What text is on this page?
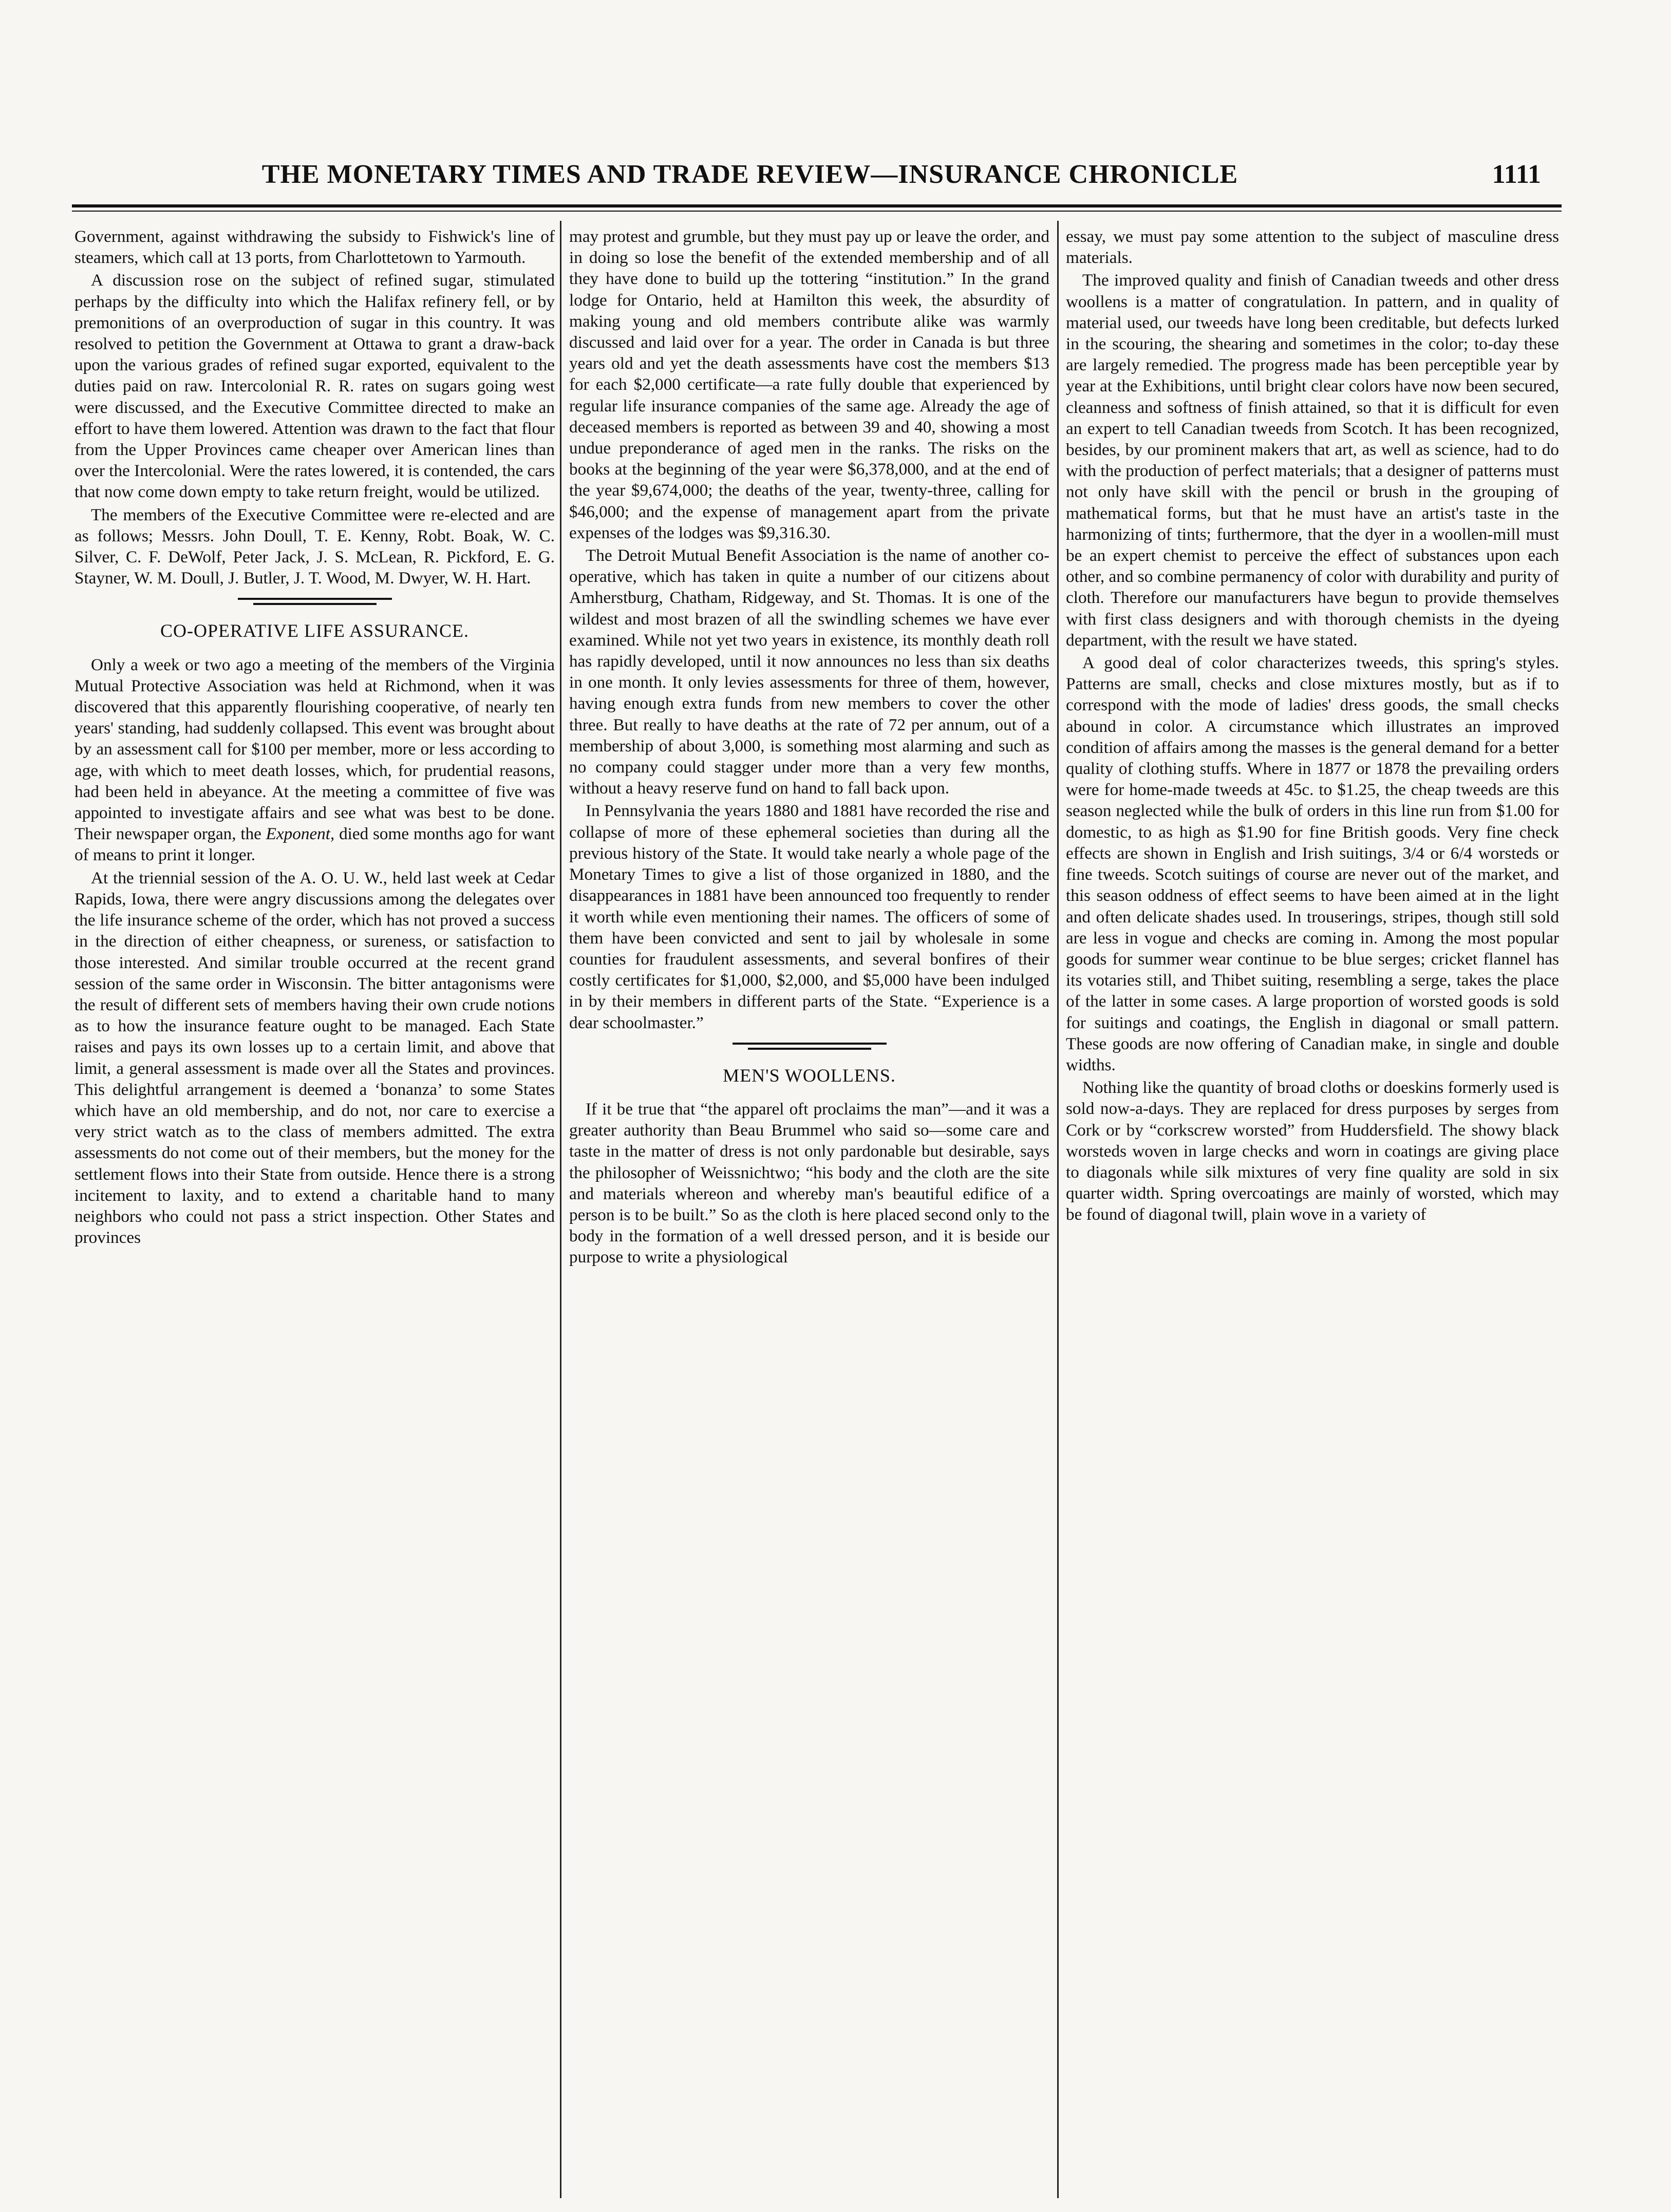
THE MONETARY TIMES AND TRADE REVIEW—INSURANCE CHRONICLE	1111

Government, against withdrawing the subsidy to Fishwick's line of steamers, which call at 13 ports, from Charlottetown to Yarmouth.

A discussion rose on the subject of refined sugar, stimulated perhaps by the difficulty into which the Halifax refinery fell, or by premonitions of an overproduction of sugar in this country. It was resolved to petition the Government at Ottawa to grant a draw-back upon the various grades of refined sugar exported, equivalent to the duties paid on raw. Intercolonial R. R. rates on sugars going west were discussed, and the Executive Committee directed to make an effort to have them lowered. Attention was drawn to the fact that flour from the Upper Provinces came cheaper over American lines than over the Intercolonial. Were the rates lowered, it is contended, the cars that now come down empty to take return freight, would be utilized.

The members of the Executive Committee were re-elected and are as follows; Messrs. John Doull, T. E. Kenny, Robt. Boak, W. C. Silver, C. F. DeWolf, Peter Jack, J. S. McLean, R. Pickford, E. G. Stayner, W. M. Doull, J. Butler, J. T. Wood, M. Dwyer, W. H. Hart.

CO-OPERATIVE LIFE ASSURANCE.

Only a week or two ago a meeting of the members of the Virginia Mutual Protective Association was held at Richmond, when it was discovered that this apparently flourishing cooperative, of nearly ten years' standing, had suddenly collapsed. This event was brought about by an assessment call for $100 per member, more or less according to age, with which to meet death losses, which, for prudential reasons, had been held in abeyance. At the meeting a committee of five was appointed to investigate affairs and see what was best to be done. Their newspaper organ, the Exponent, died some months ago for want of means to print it longer.

At the triennial session of the A. O. U. W., held last week at Cedar Rapids, Iowa, there were angry discussions among the delegates over the life insurance scheme of the order, which has not proved a success in the direction of either cheapness, or sureness, or satisfaction to those interested. And similar trouble occurred at the recent grand session of the same order in Wisconsin. The bitter antagonisms were the result of different sets of members having their own crude notions as to how the insurance feature ought to be managed. Each State raises and pays its own losses up to a certain limit, and above that limit, a general assessment is made over all the States and provinces. This delightful arrangement is deemed a ‘bonanza’ to some States which have an old membership, and do not, nor care to exercise a very strict watch as to the class of members admitted. The extra assessments do not come out of their members, but the money for the settlement flows into their State from outside. Hence there is a strong incitement to laxity, and to extend a charitable hand to many neighbors who could not pass a strict inspection. Other States and provinces

may protest and grumble, but they must pay up or leave the order, and in doing so lose the benefit of the extended membership and of all they have done to build up the tottering “institution.” In the grand lodge for Ontario, held at Hamilton this week, the absurdity of making young and old members contribute alike was warmly discussed and laid over for a year. The order in Canada is but three years old and yet the death assessments have cost the members $13 for each $2,000 certificate—a rate fully double that experienced by regular life insurance companies of the same age. Already the age of deceased members is reported as between 39 and 40, showing a most undue preponderance of aged men in the ranks. The risks on the books at the beginning of the year were $6,378,000, and at the end of the year $9,674,000; the deaths of the year, twenty-three, calling for $46,000; and the expense of management apart from the private expenses of the lodges was $9,316.30.

The Detroit Mutual Benefit Association is the name of another co-operative, which has taken in quite a number of our citizens about Amherstburg, Chatham, Ridgeway, and St. Thomas. It is one of the wildest and most brazen of all the swindling schemes we have ever examined. While not yet two years in existence, its monthly death roll has rapidly developed, until it now announces no less than six deaths in one month. It only levies assessments for three of them, however, having enough extra funds from new members to cover the other three. But really to have deaths at the rate of 72 per annum, out of a membership of about 3,000, is something most alarming and such as no company could stagger under more than a very few months, without a heavy reserve fund on hand to fall back upon.

In Pennsylvania the years 1880 and 1881 have recorded the rise and collapse of more of these ephemeral societies than during all the previous history of the State. It would take nearly a whole page of the Monetary Times to give a list of those organized in 1880, and the disappearances in 1881 have been announced too frequently to render it worth while even mentioning their names. The officers of some of them have been convicted and sent to jail by wholesale in some counties for fraudulent assessments, and several bonfires of their costly certificates for $1,000, $2,000, and $5,000 have been indulged in by their members in different parts of the State. “Experience is a dear schoolmaster.”

MEN'S WOOLLENS.

If it be true that “the apparel oft proclaims the man”—and it was a greater authority than Beau Brummel who said so—some care and taste in the matter of dress is not only pardonable but desirable, says the philosopher of Weissnichtwo; “his body and the cloth are the site and materials whereon and whereby man's beautiful edifice of a person is to be built.” So as the cloth is here placed second only to the body in the formation of a well dressed person, and it is beside our purpose to write a physiological

essay, we must pay some attention to the subject of masculine dress materials.

The improved quality and finish of Canadian tweeds and other dress woollens is a matter of congratulation. In pattern, and in quality of material used, our tweeds have long been creditable, but defects lurked in the scouring, the shearing and sometimes in the color; to-day these are largely remedied. The progress made has been perceptible year by year at the Exhibitions, until bright clear colors have now been secured, cleanness and softness of finish attained, so that it is difficult for even an expert to tell Canadian tweeds from Scotch. It has been recognized, besides, by our prominent makers that art, as well as science, had to do with the production of perfect materials; that a designer of patterns must not only have skill with the pencil or brush in the grouping of mathematical forms, but that he must have an artist's taste in the harmonizing of tints; furthermore, that the dyer in a woollen-mill must be an expert chemist to perceive the effect of substances upon each other, and so combine permanency of color with durability and purity of cloth. Therefore our manufacturers have begun to provide themselves with first class designers and with thorough chemists in the dyeing department, with the result we have stated.

A good deal of color characterizes tweeds, this spring's styles. Patterns are small, checks and close mixtures mostly, but as if to correspond with the mode of ladies' dress goods, the small checks abound in color. A circumstance which illustrates an improved condition of affairs among the masses is the general demand for a better quality of clothing stuffs. Where in 1877 or 1878 the prevailing orders were for home-made tweeds at 45c. to $1.25, the cheap tweeds are this season neglected while the bulk of orders in this line run from $1.00 for domestic, to as high as $1.90 for fine British goods. Very fine check effects are shown in English and Irish suitings, 3/4 or 6/4 worsteds or fine tweeds. Scotch suitings of course are never out of the market, and this season oddness of effect seems to have been aimed at in the light and often delicate shades used. In trouserings, stripes, though still sold are less in vogue and checks are coming in. Among the most popular goods for summer wear continue to be blue serges; cricket flannel has its votaries still, and Thibet suiting, resembling a serge, takes the place of the latter in some cases. A large proportion of worsted goods is sold for suitings and coatings, the English in diagonal or small pattern. These goods are now offering of Canadian make, in single and double widths.

Nothing like the quantity of broad cloths or doeskins formerly used is sold now-a-days. They are replaced for dress purposes by serges from Cork or by “corkscrew worsted” from Huddersfield. The showy black worsteds woven in large checks and worn in coatings are giving place to diagonals while silk mixtures of very fine quality are sold in six quarter width. Spring overcoatings are mainly of worsted, which may be found of diagonal twill, plain wove in a variety of
